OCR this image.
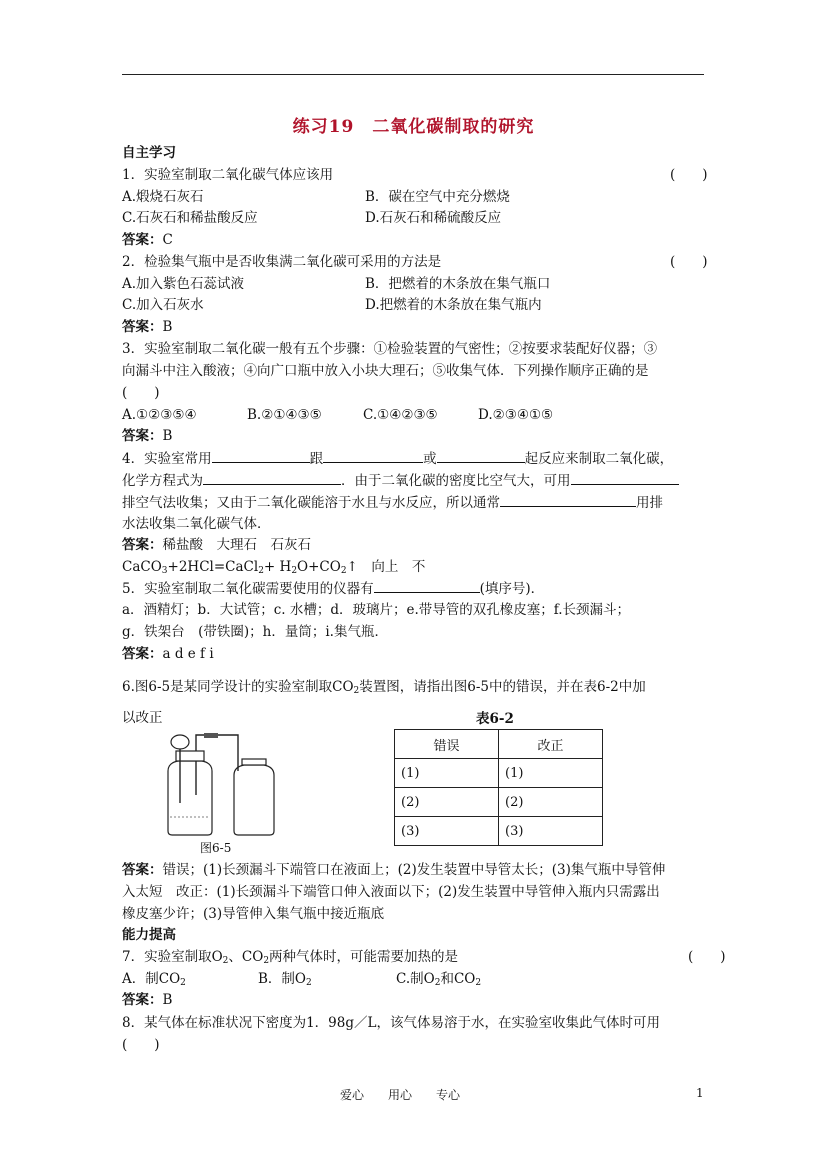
练习19　二氧化碳制取的研究
自主学习
1．实验室制取二氧化碳气体应该用	(　　)
A.煅烧石灰石	B．碳在空气中充分燃烧
C.石灰石和稀盐酸反应	D.石灰石和稀硫酸反应
答案：C
2．检验集气瓶中是否收集满二氧化碳可采用的方法是	(　　)
A.加入紫色石蕊试液	B．把燃着的木条放在集气瓶口
C.加入石灰水	D.把燃着的木条放在集气瓶内
答案：B
3．实验室制取二氧化碳一般有五个步骤：①检验装置的气密性；②按要求装配好仪器；③
向漏斗中注入酸液；④向广口瓶中放入小块大理石；⑤收集气体．下列操作顺序正确的是
(　　)
A.①②③⑤④	B.②①④③⑤	C.①④②③⑤	D.②③④①⑤
答案：B
4．实验室常用	跟	或	起反应来制取二氧化碳，
化学方程式为	．由于二氧化碳的密度比空气大，可用
排空气法收集；又由于二氧化碳能溶于水且与水反应，所以通常	用排
水法收集二氧化碳气体．
答案：稀盐酸　大理石　石灰石
CaCO$_3$+2HCl=CaCl$_2$+ $H_2O+CO_2↑$　向上　不
5．实验室制取二氧化碳需要使用的仪器有	(填序号)．
a．酒精灯；b．大试管；c. 水槽；d．玻璃片；e.带导管的双孔橡皮塞；f.长颈漏斗；
g．铁架台　(带铁圈)；h．量筒；i.集气瓶．
答案：a d e f i
6.图6-5是某同学设计的实验室制取$CO_2$装置图，请指出图6-5中的错误，并在表6-2中加
以改正
图6-5
表6-2
错误	改正
(1)	(1)
(2)	(2)
(3)	(3)
答案：错误；(1)长颈漏斗下端管口在液面上；(2)发生装置中导管太长；(3)集气瓶中导管伸
入太短　改正：(1)长颈漏斗下端管口伸入液面以下；(2)发生装置中导管伸入瓶内只需露出
橡皮塞少许；(3)导管伸入集气瓶中接近瓶底
能力提高
7．实验室制取$O_2$、$CO_2$两种气体时，可能需要加热的是	(　　)
A．制$CO_2$	B．制$O_2$	C.制$O_2$和$CO_2$
答案：B
8．某气体在标准状况下密度为1．98g／L，该气体易溶于水，在实验室收集此气体时可用
(　　)
爱心　　用心　　专心	1
